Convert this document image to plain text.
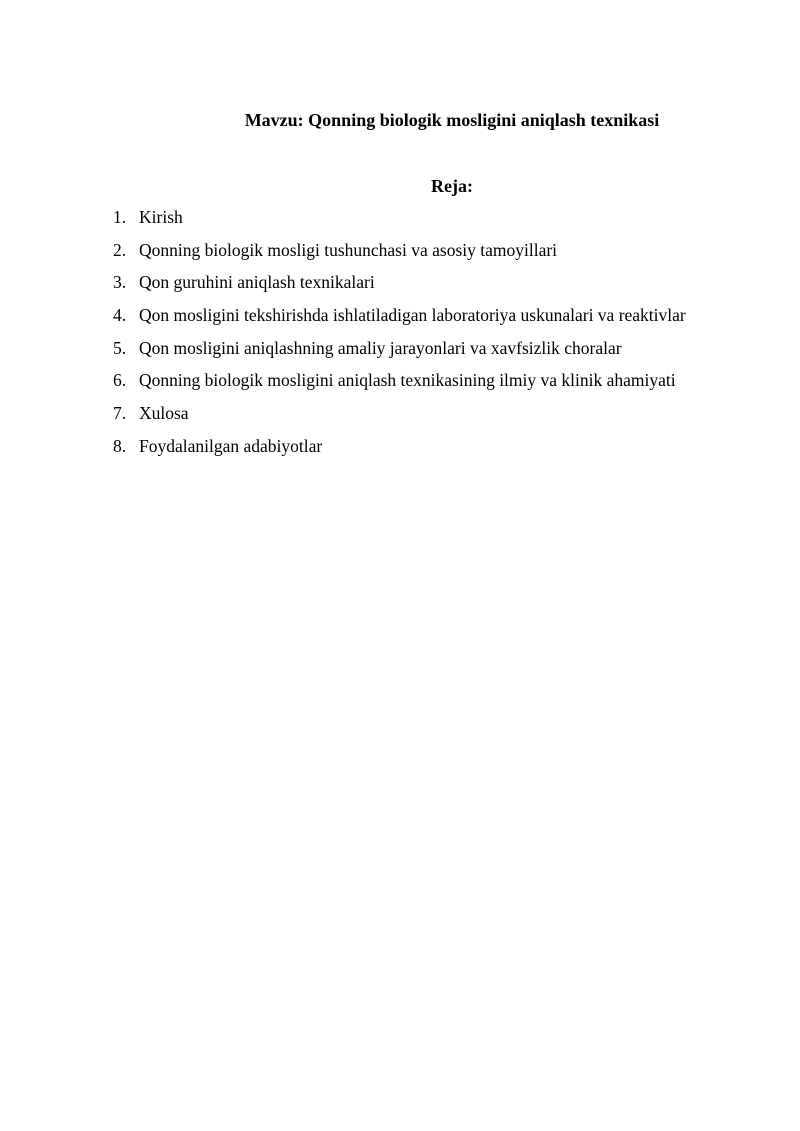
Mavzu: Qonning biologik mosligini aniqlash texnikasi
Reja:
1. Kirish
2. Qonning biologik mosligi tushunchasi va asosiy tamoyillari
3. Qon guruhini aniqlash texnikalari
4. Qon mosligini tekshirishda ishlatiladigan laboratoriya uskunalari va reaktivlar
5. Qon mosligini aniqlashning amaliy jarayonlari va xavfsizlik choralar
6. Qonning biologik mosligini aniqlash texnikasining ilmiy va klinik ahamiyati
7. Xulosa
8. Foydalanilgan adabiyotlar
